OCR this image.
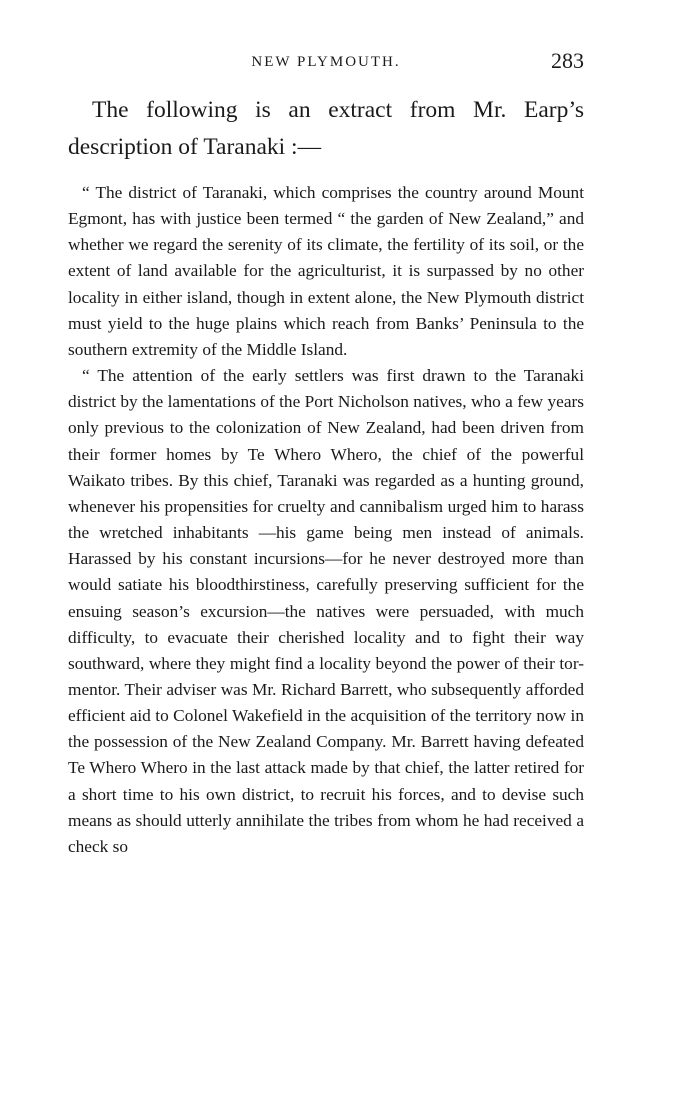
NEW PLYMOUTH.	283

The following is an extract from Mr. Earp’s description of Taranaki :—

“ The district of Taranaki, which comprises the country around Mount Egmont, has with justice been termed “ the garden of New Zealand,” and whether we regard the serenity of its climate, the fertility of its soil, or the extent of land available for the agriculturist, it is surpassed by no other locality in either island, though in extent alone, the New Plymouth district must yield to the huge plains which reach from Banks’ Peninsula to the southern extremity of the Middle Island.

“ The attention of the early settlers was first drawn to the Taranaki district by the lamentations of the Port Nicholson natives, who a few years only previous to the colonization of New Zealand, had been driven from their former homes by Te Whero Whero, the chief of the powerful Waikato tribes. By this chief, Taranaki was regarded as a hunting ground, whenever his propensities for cruelty and cannibalism urged him to harass the wretched inhabitants —his game being men instead of animals. Harassed by his constant incursions—for he never destroyed more than would satiate his bloodthirstiness, carefully preserving sufficient for the ensuing season’s excursion—the natives were persuaded, with much difficulty, to evacuate their cherished locality and to fight their way southward, where they might find a locality beyond the power of their tor- mentor. Their adviser was Mr. Richard Barrett, who subsequently afforded efficient aid to Colonel Wakefield in the acquisition of the territory now in the possession of the New Zealand Company. Mr. Barrett having defeated Te Whero Whero in the last attack made by that chief, the latter retired for a short time to his own district, to recruit his forces, and to devise such means as should utterly annihilate the tribes from whom he had received a check so
